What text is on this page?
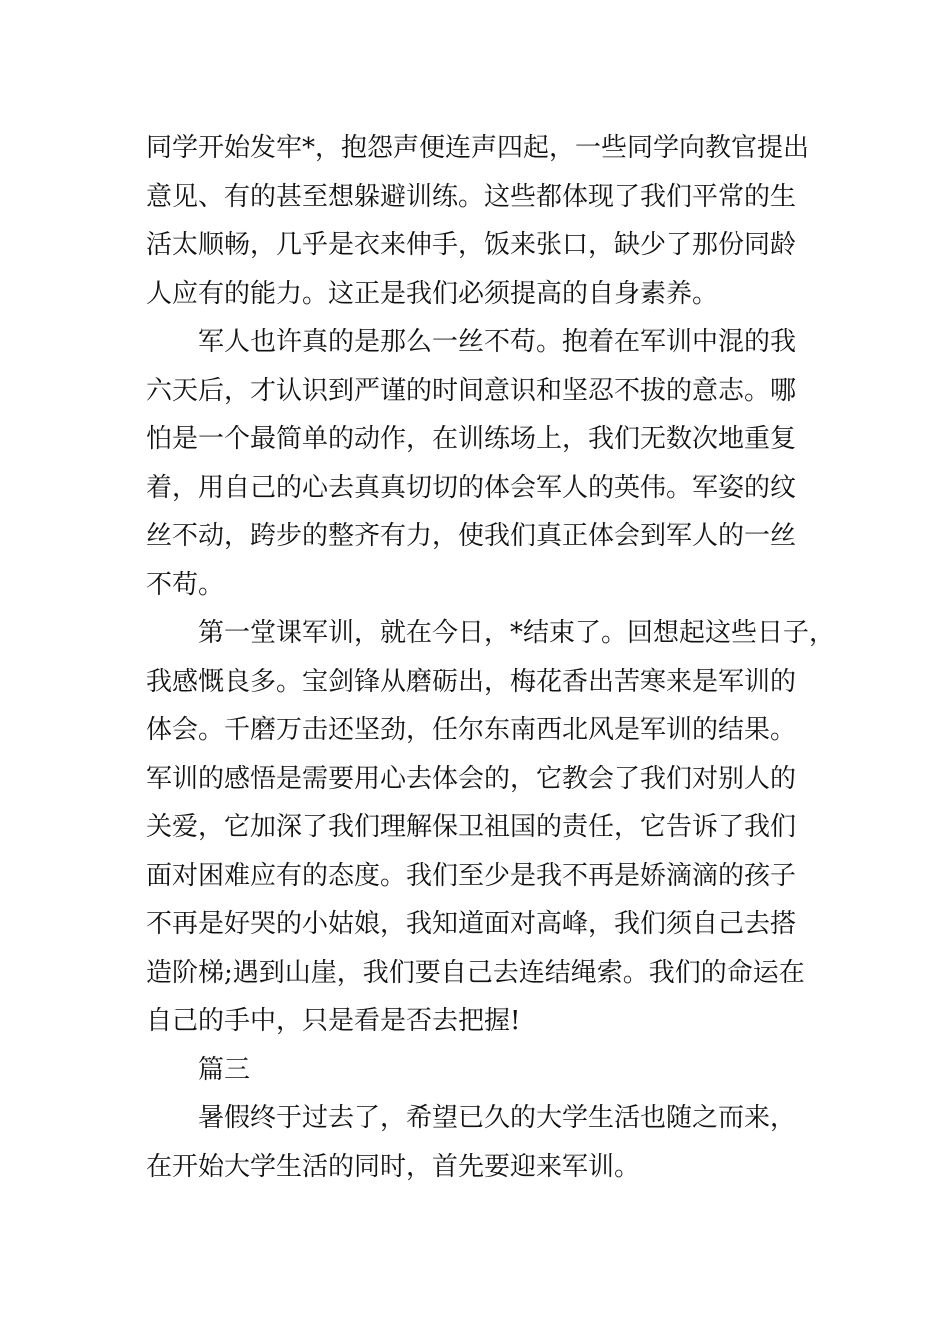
同学开始发牢*，抱怨声便连声四起，一些同学向教官提出
意见、有的甚至想躲避训练。这些都体现了我们平常的生
活太顺畅，几乎是衣来伸手，饭来张口，缺少了那份同龄
人应有的能力。这正是我们必须提高的自身素养。
军人也许真的是那么一丝不苟。抱着在军训中混的我
六天后，才认识到严谨的时间意识和坚忍不拔的意志。哪
怕是一个最简单的动作，在训练场上，我们无数次地重复
着，用自己的心去真真切切的体会军人的英伟。军姿的纹
丝不动，跨步的整齐有力，使我们真正体会到军人的一丝
不苟。
第一堂课军训，就在今日，*结束了。回想起这些日子，
我感慨良多。宝剑锋从磨砺出，梅花香出苦寒来是军训的
体会。千磨万击还坚劲，任尔东南西北风是军训的结果。
军训的感悟是需要用心去体会的，它教会了我们对别人的
关爱，它加深了我们理解保卫祖国的责任，它告诉了我们
面对困难应有的态度。我们至少是我不再是娇滴滴的孩子
不再是好哭的小姑娘，我知道面对高峰，我们须自己去搭
造阶梯;遇到山崖，我们要自己去连结绳索。我们的命运在
自己的手中，只是看是否去把握!
篇三
暑假终于过去了，希望已久的大学生活也随之而来，
在开始大学生活的同时，首先要迎来军训。
